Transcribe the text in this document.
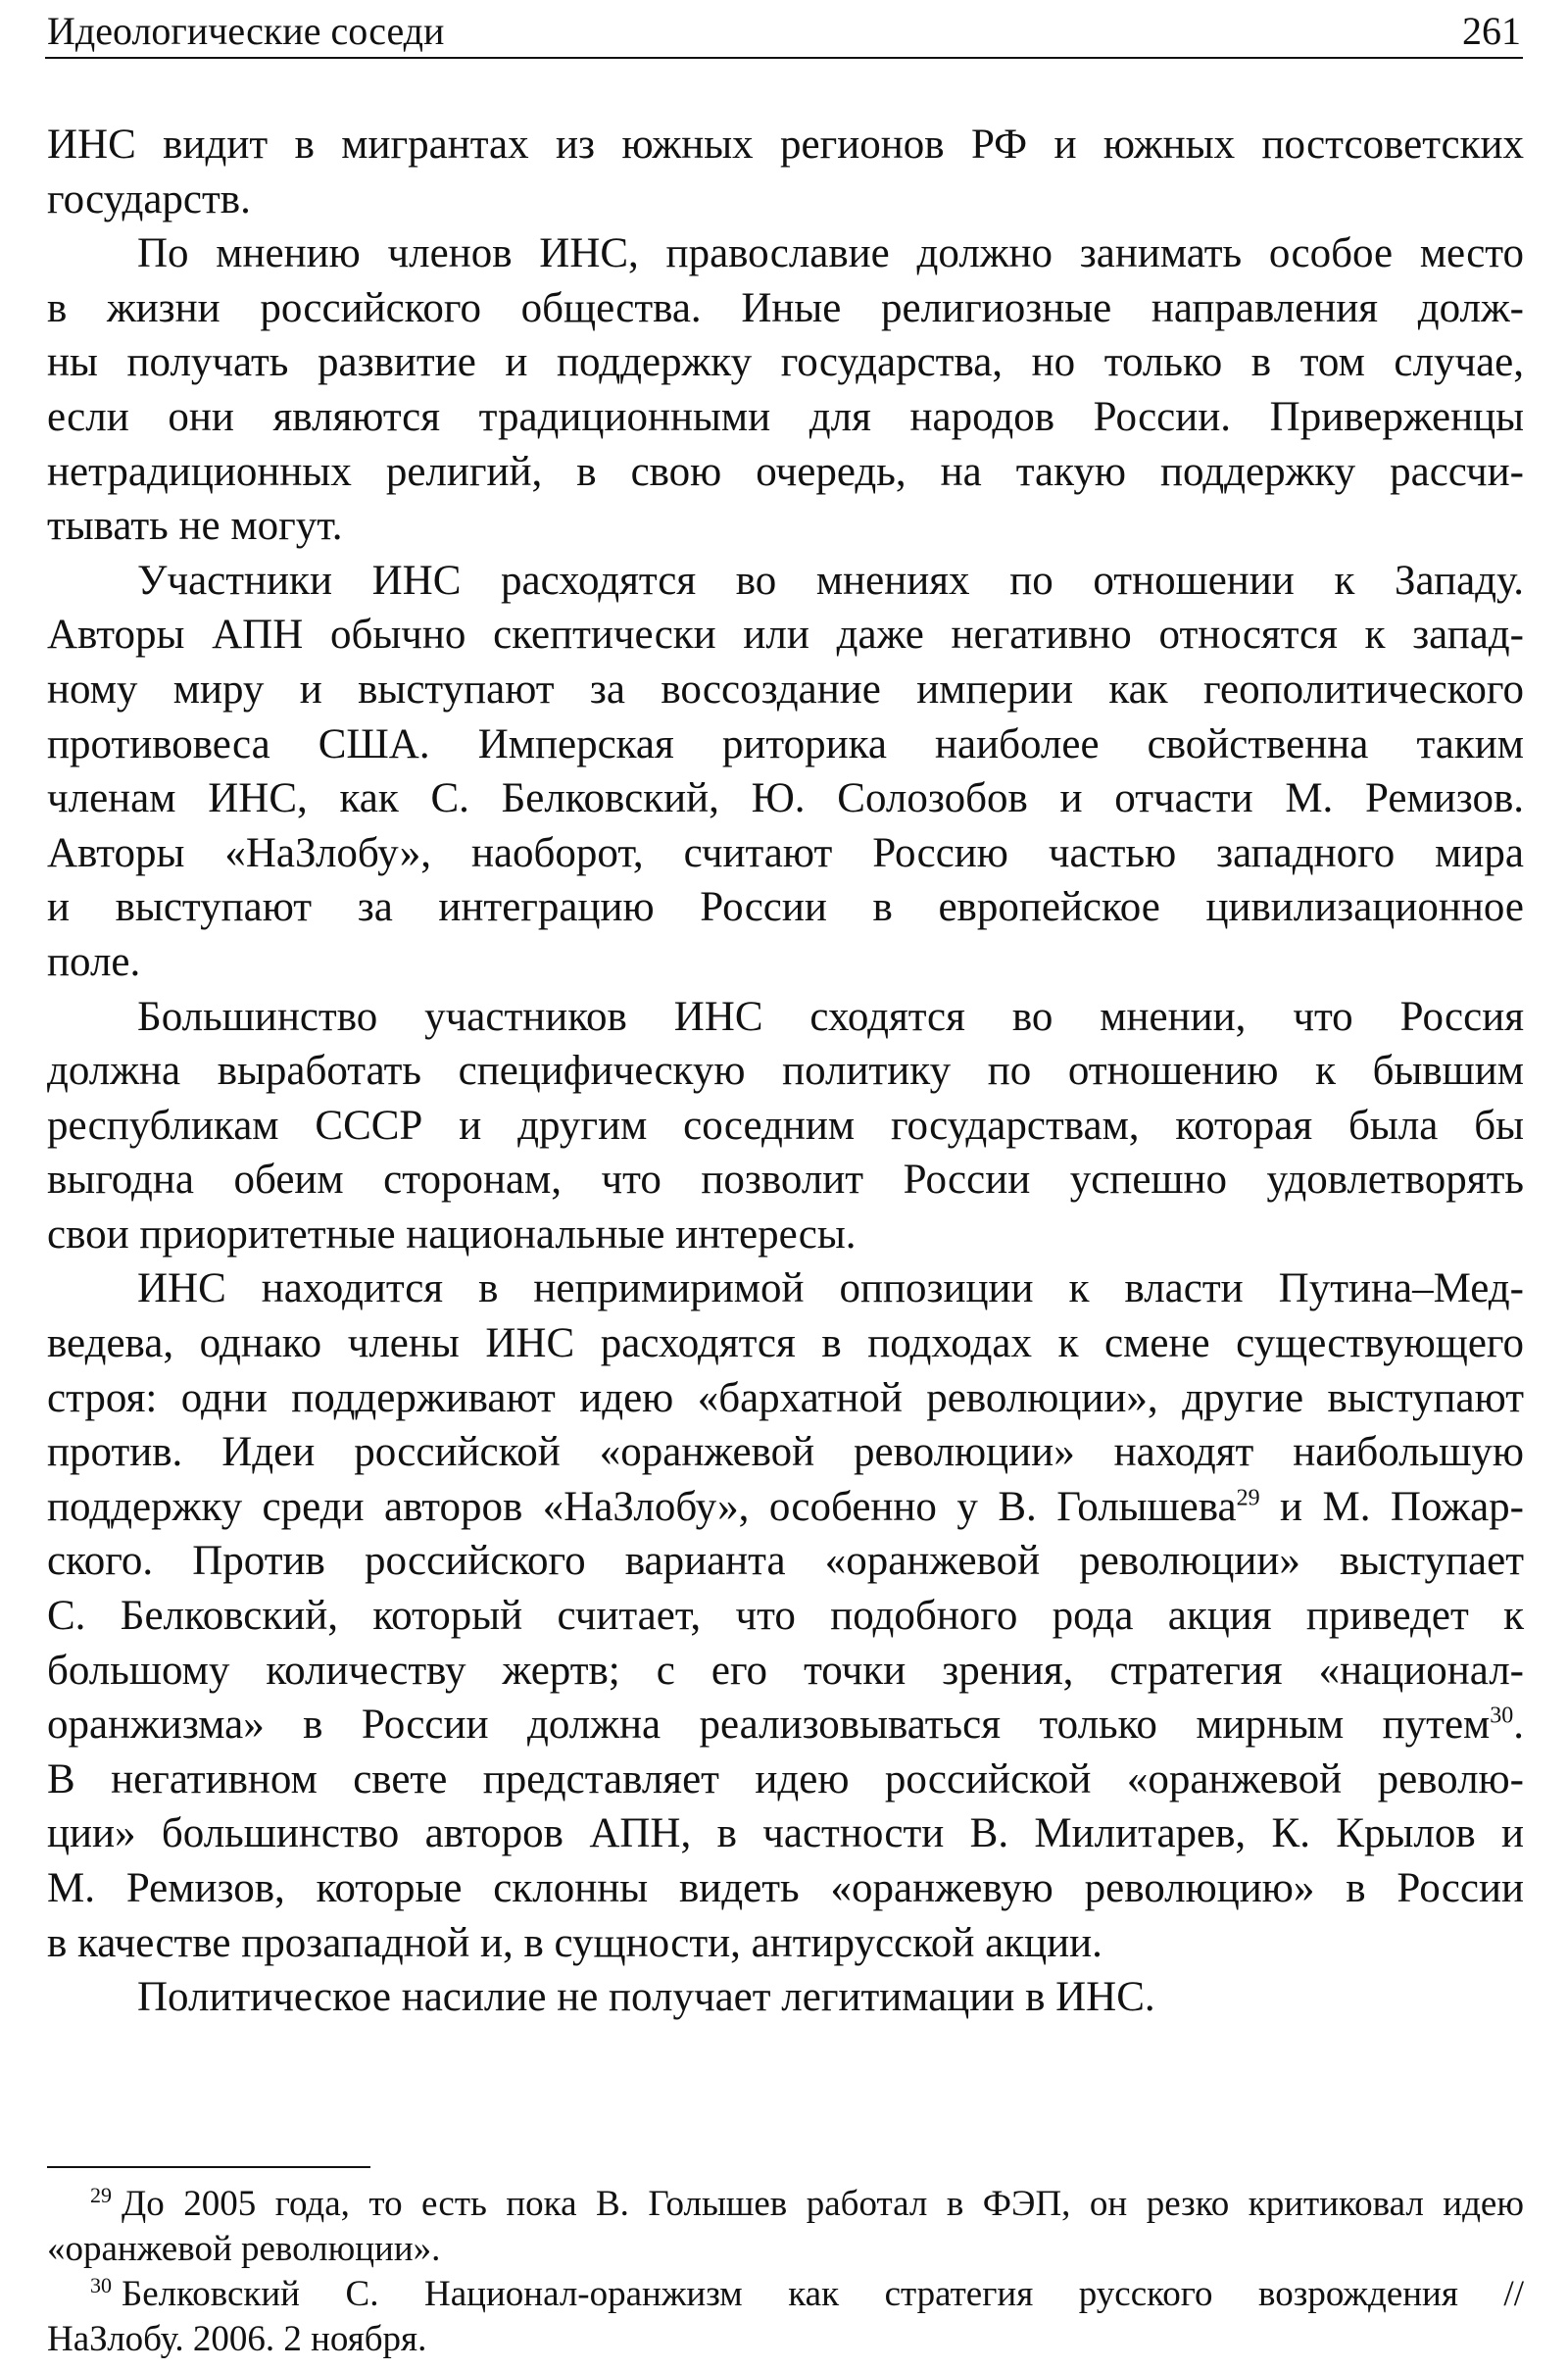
Идеологические соседи	261
ИНС видит в мигрантах из южных регионов РФ и южных постсоветских
государств.
По мнению членов ИНС, православие должно занимать особое место
в жизни российского общества. Иные религиозные направления долж-
ны получать развитие и поддержку государства, но только в том случае,
если они являются традиционными для народов России. Приверженцы
нетрадиционных религий, в свою очередь, на такую поддержку рассчи-
тывать не могут.
Участники ИНС расходятся во мнениях по отношении к Западу.
Авторы АПН обычно скептически или даже негативно относятся к запад-
ному миру и выступают за воссоздание империи как геополитического
противовеса США. Имперская риторика наиболее свойственна таким
членам ИНС, как С. Белковский, Ю. Солозобов и отчасти М. Ремизов.
Авторы «НаЗлобу», наоборот, считают Россию частью западного мира
и выступают за интеграцию России в европейское цивилизационное
поле.
Большинство участников ИНС сходятся во мнении, что Россия
должна выработать специфическую политику по отношению к бывшим
республикам СССР и другим соседним государствам, которая была бы
выгодна обеим сторонам, что позволит России успешно удовлетворять
свои приоритетные национальные интересы.
ИНС находится в непримиримой оппозиции к власти Путина–Мед-
ведева, однако члены ИНС расходятся в подходах к смене существующего
строя: одни поддерживают идею «бархатной революции», другие выступают
против. Идеи российской «оранжевой революции» находят наибольшую
поддержку среди авторов «НаЗлобу», особенно у В. Голышева$^{29}$ и М. Пожар-
ского. Против российского варианта «оранжевой революции» выступает
С. Белковский, который считает, что подобного рода акция приведет к
большому количеству жертв; с его точки зрения, стратегия «национал-
оранжизма» в России должна реализовываться только мирным путем$^{30}$.
В негативном свете представляет идею российской «оранжевой револю-
ции» большинство авторов АПН, в частности В. Милитарев, К. Крылов и
М. Ремизов, которые склонны видеть «оранжевую революцию» в России
в качестве прозападной и, в сущности, антирусской акции.
Политическое насилие не получает легитимации в ИНС.
$^{29}$ До 2005 года, то есть пока В. Голышев работал в ФЭП, он резко критиковал идею
«оранжевой революции».
$^{30}$ Белковский С. Национал-оранжизм как стратегия русского возрождения //
НаЗлобу. 2006. 2 ноября.
